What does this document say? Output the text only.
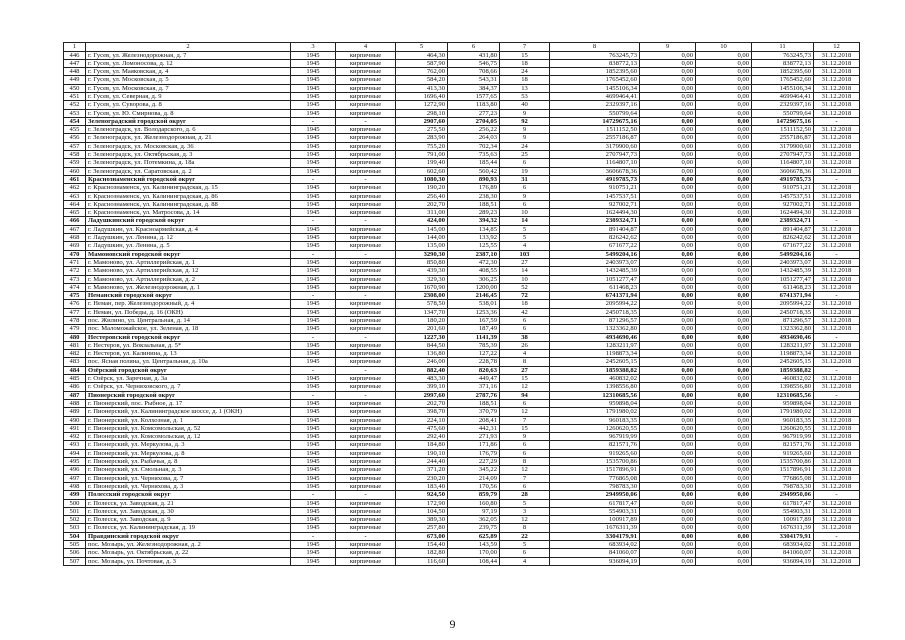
1	2	3	4	5	6	7	8	9	10	11	12
446	г. Гусев, ул. Железнодорожная, д. 7	1945	кирпичные	464,30	431,80	15	763245,73	0,00	0,00	763245,73	31.12.2018
447	г. Гусев, ул. Ломоносова, д. 12	1945	кирпичные	587,90	546,75	18	838772,13	0,00	0,00	838772,13	31.12.2018
448	г. Гусев, ул. Маяковская, д. 4	1945	кирпичные	762,00	708,66	24	1852395,60	0,00	0,00	1852395,60	31.12.2018
449	г. Гусев, ул. Московская, д. 5	1945	кирпичные	584,20	543,31	18	1765452,60	0,00	0,00	1765452,60	31.12.2018
450	г. Гусев, ул. Московская, д. 7	1945	кирпичные	413,30	384,37	13	1455106,34	0,00	0,00	1455106,34	31.12.2018
451	г. Гусев, ул. Северная, д. 9	1945	кирпичные	1696,40	1577,65	53	4699464,41	0,00	0,00	4699464,41	31.12.2018
452	г. Гусев, ул. Суворова, д. 8	1945	кирпичные	1272,90	1183,80	40	2329397,16	0,00	0,00	2329397,16	31.12.2018
453	г. Гусев, ул. Ю. Смирнова, д. 8	1945	кирпичные	298,10	277,23	9	550799,64	0,00	0,00	550799,64	31.12.2018
454	Зеленоградский городской округ	-	-	2907,60	2704,05	92	14729675,16	0,00	0,00	14729675,16	-
455	г. Зеленоградск, ул. Володарского, д. 6	1945	кирпичные	275,50	256,22	9	1511152,50	0,00	0,00	1511152,50	31.12.2018
456	г. Зеленоградск, ул. Железнодорожная, д. 21	1945	кирпичные	283,90	264,03	9	2557186,87	0,00	0,00	2557186,87	31.12.2018
457	г. Зеленоградск, ул. Московская, д. 36	1945	кирпичные	755,20	702,34	24	3179900,60	0,00	0,00	3179900,60	31.12.2018
458	г. Зеленоградск, ул. Октябрьская, д. 3	1945	кирпичные	791,00	735,63	25	2707947,73	0,00	0,00	2707947,73	31.12.2018
459	г. Зеленоградск, ул. Потемкина, д. 18а	1945	кирпичные	199,40	185,44	6	1164807,10	0,00	0,00	1164807,10	31.12.2018
460	г. Зеленоградск, ул. Саратовская, д. 2	1945	кирпичные	602,60	560,42	19	3606678,36	0,00	0,00	3606678,36	31.12.2018
461	Краснознаменский городской округ	-	-	1080,30	890,93	31	4919785,73	0,00	0,00	4919785,73	-
462	г. Краснознаменск, ул. Калининградская, д. 15	1945	кирпичные	190,20	176,89	6	910751,21	0,00	0,00	910751,21	31.12.2018
463	г. Краснознаменск, ул. Калининградская, д. 86	1945	кирпичные	256,40	238,30	9	1457537,51	0,00	0,00	1457537,51	31.12.2018
464	г. Краснознаменск, ул. Калининградская, д. 88	1945	кирпичные	202,70	188,51	6	927002,71	0,00	0,00	927002,71	31.12.2018
465	г. Краснознаменск, ул. Матросова, д. 14	1945	кирпичные	311,00	289,23	10	1624494,30	0,00	0,00	1624494,30	31.12.2018
466	Ладушкинский городской округ	-	-	424,00	394,32	14	2389324,71	0,00	0,00	2389324,71	-
467	г. Ладушкин, ул. Красноармейская, д. 4	1945	кирпичные	145,00	134,85	5	891404,87	0,00	0,00	891404,87	31.12.2018
468	г. Ладушкин, ул. Ленина, д. 12	1945	кирпичные	144,00	133,92	5	826242,62	0,00	0,00	826242,62	31.12.2018
469	г. Ладушкин, ул. Ленина, д. 5	1945	кирпичные	135,00	125,55	4	671677,22	0,00	0,00	671677,22	31.12.2018
470	Мамоновский городской округ	-	-	3290,30	2387,10	103	5499204,16	0,00	0,00	5499204,16	-
471	г. Мамоново, ул. Артиллерийская, д. 1	1945	кирпичные	850,80	472,30	27	2403973,07	0,00	0,00	2403973,07	31.12.2018
472	г. Мамоново, ул. Артиллерийская, д. 12	1945	кирпичные	439,30	408,55	14	1432485,39	0,00	0,00	1432485,39	31.12.2018
473	г. Мамоново, ул. Артиллерийская, д. 2	1945	кирпичные	329,30	306,25	10	1051277,47	0,00	0,00	1051277,47	31.12.2018
474	г. Мамоново, ул. Железнодорожная, д. 1	1945	кирпичные	1670,90	1200,00	52	611468,23	0,00	0,00	611468,23	31.12.2018
475	Неманский городской округ	-	-	2308,00	2146,45	72	6741371,94	0,00	0,00	6741371,94	-
476	г. Неман, пер. Железнодорожный, д. 4	1945	кирпичные	578,50	538,01	18	2095994,22	0,00	0,00	2095994,22	31.12.2018
477	г. Неман, ул. Победы, д. 16 (ОКН)	1945	кирпичные	1347,70	1253,36	42	2450718,35	0,00	0,00	2450718,35	31.12.2018
478	пос. Жилино, ул. Центральная, д. 14	1945	кирпичные	180,20	167,59	6	871296,57	0,00	0,00	871296,57	31.12.2018
479	пос. Маломожайское, ул. Зеленая, д. 18	1945	кирпичные	201,60	187,49	6	1323362,80	0,00	0,00	1323362,80	31.12.2018
480	Нестеровский городской округ	-	-	1227,30	1141,39	38	4934690,46	0,00	0,00	4934690,46	-
481	г. Нестеров, ул. Вокзальная, д. 5*	1945	кирпичные	844,50	785,39	26	1283211,97	0,00	0,00	1283211,97	31.12.2018
482	г. Нестеров, ул. Калинина, д. 13	1945	кирпичные	136,80	127,22	4	1198873,34	0,00	0,00	1198873,34	31.12.2018
483	пос. Ясная поляна, ул. Центральная, д. 10а	1945	кирпичные	246,00	228,78	8	2452605,15	0,00	0,00	2452605,15	31.12.2018
484	Озёрский городской округ	-	-	882,40	820,63	27	1859388,82	0,00	0,00	1859388,82	-
485	г. Озёрск, ул. Заречная, д. 3а	1945	кирпичные	483,30	449,47	15	460832,02	0,00	0,00	460832,02	31.12.2018
486	г. Озёрск, ул. Черняховского, д. 7	1945	кирпичные	399,10	371,16	12	1398556,80	0,00	0,00	1398556,80	31.12.2018
487	Пионерский городской округ	-	-	2997,60	2787,76	94	12310685,56	0,00	0,00	12310685,56	-
488	г. Пионерский, пос. Рыбное, д. 17	1945	кирпичные	202,70	188,51	6	959898,04	0,00	0,00	959898,04	31.12.2018
489	г. Пионерский, ул. Калининградское шоссе, д. 1 (ОКН)	1945	кирпичные	398,70	370,79	12	1791980,02	0,00	0,00	1791980,02	31.12.2018
490	г. Пионерский, ул. Колхозная, д. 1	1945	кирпичные	224,10	208,41	7	960183,35	0,00	0,00	960183,35	31.12.2018
491	г. Пионерский, ул. Комсомольская, д. 52	1945	кирпичные	475,60	442,31	15	1260620,55	0,00	0,00	1260620,55	31.12.2018
492	г. Пионерский, ул. Комсомольская, д. 12	1945	кирпичные	292,40	271,93	9	967919,99	0,00	0,00	967919,99	31.12.2018
493	г. Пионерский, ул. Меркулова, д. 3	1945	кирпичные	184,80	171,86	6	821571,76	0,00	0,00	821571,76	31.12.2018
494	г. Пионерский, ул. Меркулова, д. 8	1945	кирпичные	190,10	176,79	6	919265,60	0,00	0,00	919265,60	31.12.2018
495	г. Пионерский, ул. Рыбачья, д. 8	1945	кирпичные	244,40	227,29	8	1535700,86	0,00	0,00	1535700,86	31.12.2018
496	г. Пионерский, ул. Смольная, д. 3	1945	кирпичные	371,20	345,22	12	1517896,91	0,00	0,00	1517896,91	31.12.2018
497	г. Пионерский, ул. Черняхова, д. 7	1945	кирпичные	230,20	214,09	7	776865,08	0,00	0,00	776865,08	31.12.2018
498	г. Пионерский, ул. Черняхова, д. 3	1945	кирпичные	183,40	170,56	6	798783,30	0,00	0,00	798783,30	31.12.2018
499	Полесский городской округ	-	-	924,50	859,79	28	2949950,06	0,00	0,00	2949950,06	-
500	г. Полесск, ул. Заводская, д. 21	1945	кирпичные	172,90	160,80	5	617817,47	0,00	0,00	617817,47	31.12.2018
501	г. Полесск, ул. Заводская, д. 30	1945	кирпичные	104,50	97,19	3	554903,31	0,00	0,00	554903,31	31.12.2018
502	г. Полесск, ул. Заводская, д. 9	1945	кирпичные	389,30	362,05	12	100917,89	0,00	0,00	100917,89	31.12.2018
503	г. Полесск, ул. Калининградская, д. 19	1945	кирпичные	257,80	239,75	8	1676311,39	0,00	0,00	1676311,39	31.12.2018
504	Правдинский городской округ	-	-	673,00	625,89	22	3304179,91	0,00	0,00	3304179,91	-
505	пос. Мозырь, ул. Железнодорожная, д. 2	1945	кирпичные	154,40	143,59	5	683934,02	0,00	0,00	683934,02	31.12.2018
506	пос. Мозырь, ул. Октябрьская, д. 22	1945	кирпичные	182,80	170,00	6	841060,07	0,00	0,00	841060,07	31.12.2018
507	пос. Мозырь, ул. Почтовая, д. 3	1945	кирпичные	116,60	108,44	4	936094,19	0,00	0,00	936094,19	31.12.2018
9
